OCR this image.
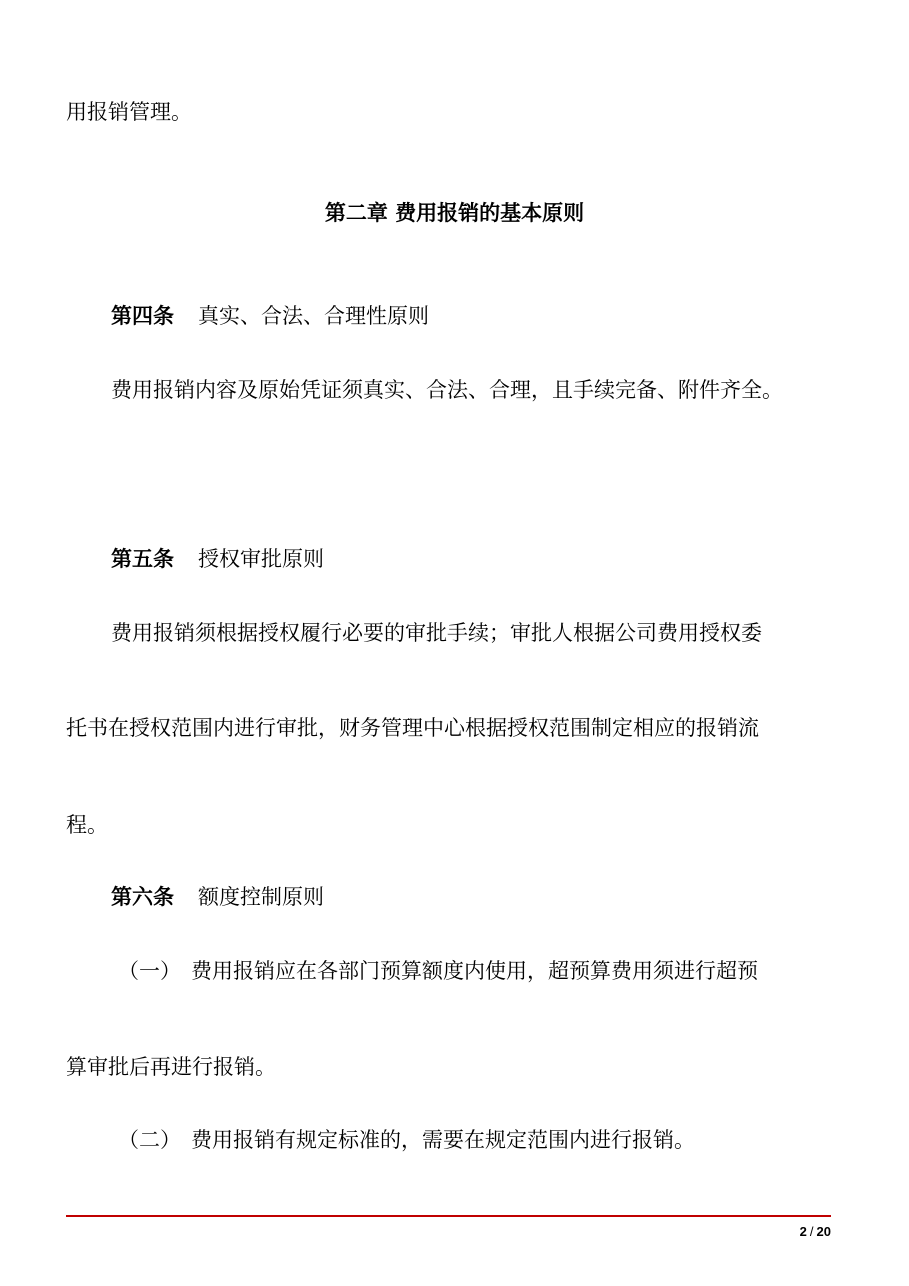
用报销管理。

第二章 费用报销的基本原则

第四条 真实、合法、合理性原则

费用报销内容及原始凭证须真实、合法、合理，且手续完备、附件齐全。

第五条 授权审批原则

费用报销须根据授权履行必要的审批手续；审批人根据公司费用授权委

托书在授权范围内进行审批，财务管理中心根据授权范围制定相应的报销流

程。

第六条 额度控制原则

（一） 费用报销应在各部门预算额度内使用，超预算费用须进行超预

算审批后再进行报销。

（二） 费用报销有规定标准的，需要在规定范围内进行报销。

2 / 20
